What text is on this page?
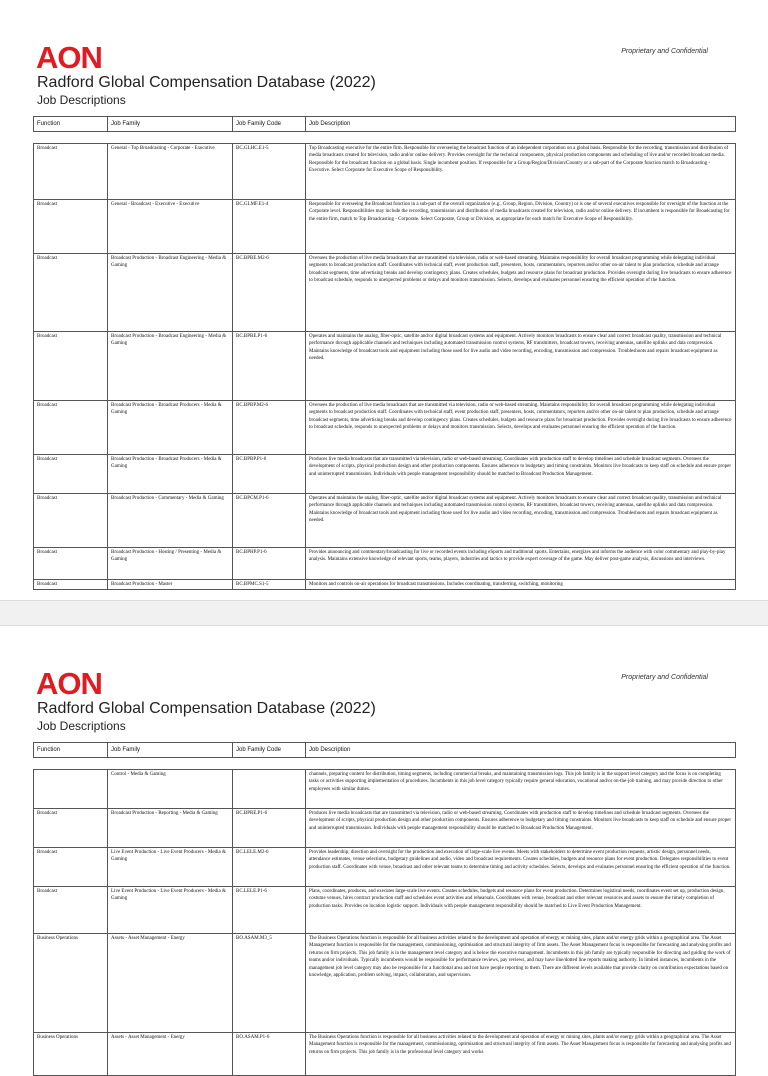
AON	Proprietary and Confidential
Radford Global Compensation Database (2022)
Job Descriptions
Function	Job Family	Job Family Code	Job Description
Broadcast	General - Top Broadcasting - Corporate - Executive	BC.GLHC.E1-5	Top Broadcasting executive for the entire firm. Responsible for overseeing the broadcast function of an independent corporation on a global basis. Responsible for the recording, transmission and distribution of media broadcasts created for television, radio and/or online delivery. Provides oversight for the technical components, physical production components and scheduling of live and/or recorded broadcast media. Responsible for the broadcast function on a global basis. Single incumbent position. If responsible for a Group/Region/Division/Country or a sub-part of the Corporate function match to Broadcasting - Executive. Select Corporate for Executive Scope of Responsibility.
Broadcast	General - Broadcast - Executive - Executive	BC.GLMF.E1-4	Responsible for overseeing the Broadcast function in a sub-part of the overall organization (e.g., Group, Region, Division, Country) or is one of several executives responsible for oversight of the function at the Corporate level. Responsibilities may include the recording, transmission and distribution of media broadcasts created for television, radio and/or online delivery. If incumbent is responsible for Broadcasting for the entire firm, match to Top Broadcasting - Corporate. Select Corporate, Group or Division, as appropriate for each match for Executive Scope of Responsibility.
Broadcast	Broadcast Production - Broadcast Engineering - Media & Gaming	BC.BPBE.M2-6	Oversees the production of live media broadcasts that are transmitted via television, radio or web-based streaming. Maintains responsibility for overall broadcast programming while delegating individual segments to broadcast production staff. Coordinates with technical staff, event production staff, presenters, hosts, commentators, reporters and/or other on-air talent to plan production, schedule and arrange broadcast segments, time advertising breaks and develop contingency plans. Creates schedules, budgets and resource plans for broadcast production. Provides oversight during live broadcasts to ensure adherence to broadcast schedule, responds to unexpected problems or delays and monitors transmission. Selects, develops and evaluates personnel ensuring the efficient operation of the function.
Broadcast	Broadcast Production - Broadcast Engineering - Media & Gaming	BC.BPBE.P1-6	Operates and maintains the analog, fiber-optic, satellite and/or digital broadcast systems and equipment. Actively monitors broadcasts to ensure clear and correct broadcast quality, transmission and technical performance through applicable channels and techniques including automated transmission control systems, RF transmitters, broadcast towers, receiving antennas, satellite uplinks and data compression. Maintains knowledge of broadcast tools and equipment including those used for live audio and video recording, encoding, transmission and compression. Troubleshoots and repairs broadcast equipment as needed.
Broadcast	Broadcast Production - Broadcast Producers - Media & Gaming	BC.BPBP.M2-6	Oversees the production of live media broadcasts that are transmitted via television, radio or web-based streaming. Maintains responsibility for overall broadcast programming while delegating individual segments to broadcast production staff. Coordinates with technical staff, event production staff, presenters, hosts, commentators, reporters and/or other on-air talent to plan production, schedule and arrange broadcast segments, time advertising breaks and develop contingency plans. Creates schedules, budgets and resource plans for broadcast production. Provides oversight during live broadcasts to ensure adherence to broadcast schedule, responds to unexpected problems or delays and monitors transmission. Selects, develops and evaluates personnel ensuring the efficient operation of the function.
Broadcast	Broadcast Production - Broadcast Producers - Media & Gaming	BC.BPBP.P1-6	Produces live media broadcasts that are transmitted via television, radio or web-based streaming. Coordinates with production staff to develop timelines and schedule broadcast segments. Oversees the development of scripts, physical production design and other production components. Ensures adherence to budgetary and timing constraints. Monitors live broadcasts to keep staff on schedule and ensure proper and uninterrupted transmission. Individuals with people management responsibility should be matched to Broadcast Production Management.
Broadcast	Broadcast Production - Commentary - Media & Gaming	BC.BPCM.P1-6	Operates and maintains the analog, fiber-optic, satellite and/or digital broadcast systems and equipment. Actively monitors broadcasts to ensure clear and correct broadcast quality, transmission and technical performance through applicable channels and techniques including automated transmission control systems, RF transmitters, broadcast towers, receiving antennas, satellite uplinks and data compression. Maintains knowledge of broadcast tools and equipment including those used for live audio and video recording, encoding, transmission and compression. Troubleshoots and repairs broadcast equipment as needed.
Broadcast	Broadcast Production - Hosting / Presenting - Media & Gaming	BC.BPHP.P1-6	Provides announcing and commentary/broadcasting for live or recorded events including eSports and traditional sports. Entertains, energizes and informs the audience with color commentary and play-by-play analysis. Maintains extensive knowledge of relevant sports, teams, players, industries and tactics to provide expert coverage of the game. May deliver post-game analysis, discussions and interviews.
Broadcast	Broadcast Production - Master	BC.BPMC.S1-5	Monitors and controls on-air operations for broadcast transmissions. Includes coordinating, transferring, switching, monitoring
AON	Proprietary and Confidential
Radford Global Compensation Database (2022)
Job Descriptions
Function	Job Family	Job Family Code	Job Description
	Control - Media & Gaming		channels, preparing content for distribution, timing segments, including commercial breaks, and maintaining transmission logs. This job family is in the support level category and the focus is on completing tasks or activities supporting implementation of procedures. Incumbents in this job level category typically require general education, vocational and/or on-the-job training, and may provide direction to other employees with similar duties.
Broadcast	Broadcast Production - Reporting - Media & Gaming	BC.BPRE.P1-6	Produces live media broadcasts that are transmitted via television, radio or web-based streaming. Coordinates with production staff to develop timelines and schedule broadcast segments. Oversees the development of scripts, physical production design and other production components. Ensures adherence to budgetary and timing constraints. Monitors live broadcasts to keep staff on schedule and ensure proper and uninterrupted transmission. Individuals with people management responsibility should be matched to Broadcast Production Management.
Broadcast	Live Event Production - Live Event Producers - Media & Gaming	BC.LELE.M2-6	Provides leadership, direction and oversight for the production and execution of large-scale live events. Meets with stakeholders to determine event production requests, artistic design, personnel needs, attendance estimates, venue selections, budgetary guidelines and audio, video and broadcast requirements. Creates schedules, budgets and resource plans for event production. Delegates responsibilities to event production staff. Coordinates with venue, broadcast and other relevant teams to determine timing and activity schedules. Selects, develops and evaluates personnel ensuring the efficient operation of the function.
Broadcast	Live Event Production - Live Event Producers - Media & Gaming	BC.LELE.P1-6	Plans, coordinates, produces, and executes large-scale live events. Creates schedules, budgets and resource plans for event production. Determines logistical needs, coordinates event set up, production design, costume venues, hires contract production staff and schedules event activities and rehearsals. Coordinates with venue, broadcast and other relevant resources and assets to ensure the timely completion of production tasks. Provides on location logistic support. Individuals with people management responsibility should be matched to Live Event Production Management.
Business Operations	Assets - Asset Management - Energy	BO.ASAM.M3_5	The Business Operations function is responsible for all business activities related to the development and operation of energy or mining sites, plants and/or energy grids within a geographical area. The Asset Management function is responsible for the management, commissioning, optimisation and structural integrity of firm assets. The Asset Management focus is responsible for forecasting and analysing profits and returns on firm projects. This job family is in the management level category and is below the executive management. Incumbents in this job family are typically responsible for directing and guiding the work of teams and/or individuals. Typically incumbents would be responsible for performance reviews, pay reviews, and may have line/dotted line reports making authority. In limited instances, incumbents in the management job level category may also be responsible for a functional area and not have people reporting to them. There are different levels available that provide clarity on contribution expectations based on knowledge, application, problem solving, impact, collaboration, and supervision.
Business Operations	Assets - Asset Management - Energy	BO.ASAM.P1-6	The Business Operations function is responsible for all business activities related to the development and operation of energy or mining sites, plants and/or energy grids within a geographical area. The Asset Management function is responsible for the management, commissioning, optimisation and structural integrity of firm assets. The Asset Management focus is responsible for forecasting and analysing profits and returns on firm projects. This job family is in the professional level category and works
